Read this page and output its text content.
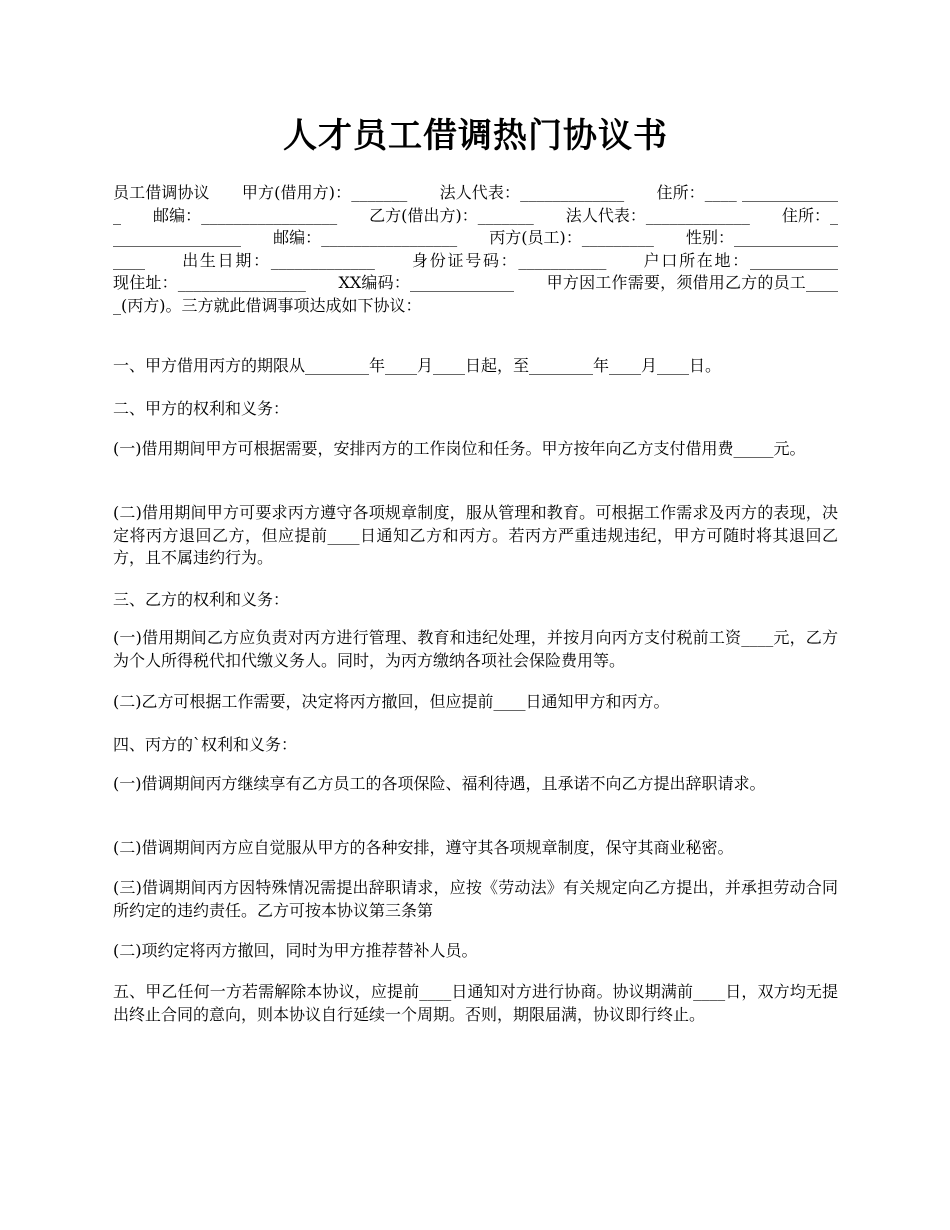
人才员工借调热门协议书

员工借调协议　　甲方(借用方)：_______　　法人代表：_____________　　住所：____ _____________　　邮编：_________________　　乙方(借出方)：_______　　法人代表：_____________　　住所：_________________　　邮编：_________________　　丙方(员工)：_________　　性别：_________________　　出生日期：_____________　　身份证号码：___________　　户口所在地：___________　　现住址：________________　　XX编码：_____________　　甲方因工作需要，须借用乙方的员工_____(丙方)。三方就此借调事项达成如下协议：

一、甲方借用丙方的期限从________年____月____日起，至________年____月____日。

二、甲方的权利和义务：

(一)借用期间甲方可根据需要，安排丙方的工作岗位和任务。甲方按年向乙方支付借用费_____元。

(二)借用期间甲方可要求丙方遵守各项规章制度，服从管理和教育。可根据工作需求及丙方的表现，决定将丙方退回乙方，但应提前____日通知乙方和丙方。若丙方严重违规违纪，甲方可随时将其退回乙方，且不属违约行为。

三、乙方的权利和义务：

(一)借用期间乙方应负责对丙方进行管理、教育和违纪处理，并按月向丙方支付税前工资____元，乙方为个人所得税代扣代缴义务人。同时，为丙方缴纳各项社会保险费用等。

(二)乙方可根据工作需要，决定将丙方撤回，但应提前____日通知甲方和丙方。

四、丙方的`权利和义务：

(一)借调期间丙方继续享有乙方员工的各项保险、福利待遇，且承诺不向乙方提出辞职请求。

(二)借调期间丙方应自觉服从甲方的各种安排，遵守其各项规章制度，保守其商业秘密。

(三)借调期间丙方因特殊情况需提出辞职请求，应按《劳动法》有关规定向乙方提出，并承担劳动合同所约定的违约责任。乙方可按本协议第三条第

(二)项约定将丙方撤回，同时为甲方推荐替补人员。

五、甲乙任何一方若需解除本协议，应提前____日通知对方进行协商。协议期满前____日，双方均无提出终止合同的意向，则本协议自行延续一个周期。否则，期限届满，协议即行终止。
